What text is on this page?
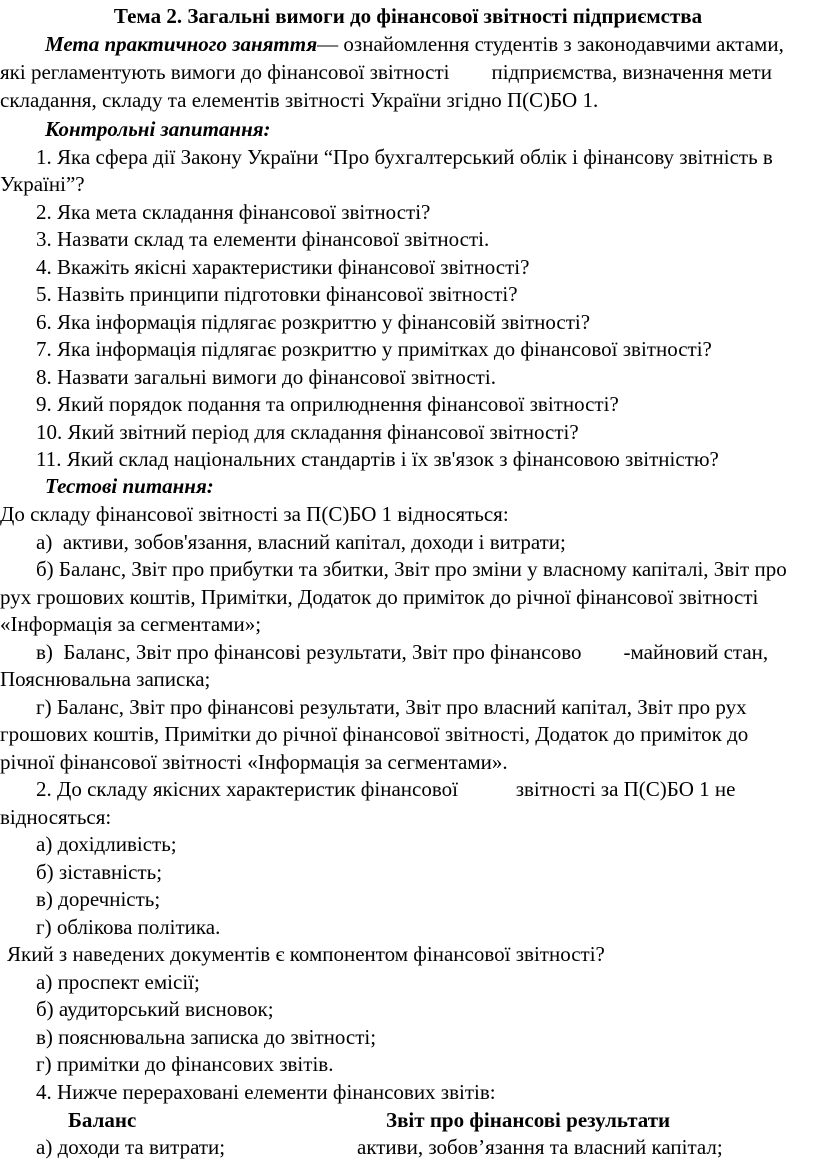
Тема 2. Загальні вимоги до фінансової звітності підприємства
Мета практичного заняття— ознайомлення студентів з законодавчими актами,
які регламентують вимоги до фінансової звітності        підприємства, визначення мети
складання, складу та елементів звітності України згідно П(С)БО 1.
Контрольні запитання:
1. Яка сфера дії Закону України “Про бухгалтерський облік і фінансову звітність в
Україні”?
2. Яка мета складання фінансової звітності?
3. Назвати склад та елементи фінансової звітності.
4. Вкажіть якісні характеристики фінансової звітності?
5. Назвіть принципи підготовки фінансової звітності?
6. Яка інформація підлягає розкриттю у фінансовій звітності?
7. Яка інформація підлягає розкриттю у примітках до фінансової звітності?
8. Назвати загальні вимоги до фінансової звітності.
9. Який порядок подання та оприлюднення фінансової звітності?
10. Який звітний період для складання фінансової звітності?
11. Який склад національних стандартів і їх зв'язок з фінансовою звітністю?
Тестові питання:
До складу фінансової звітності за П(С)БО 1 відносяться:
а)  активи, зобов'язання, власний капітал, доходи і витрати;
б) Баланс, Звіт про прибутки та збитки, Звіт про зміни у власному капіталі, Звіт про
рух грошових коштів, Примітки, Додаток до приміток до річної фінансової звітності
«Інформація за сегментами»;
в)  Баланс, Звіт про фінансові результати, Звіт про фінансово        -майновий стан,
Пояснювальна записка;
г) Баланс, Звіт про фінансові результати, Звіт про власний капітал, Звіт про рух
грошових коштів, Примітки до річної фінансової звітності, Додаток до приміток до
річної фінансової звітності «Інформація за сегментами».
2. До складу якісних характеристик фінансової           звітності за П(С)БО 1 не
відносяться:
а) дохідливість;
б) зіставність;
в) доречність;
г) облікова політика.
Який з наведених документів є компонентом фінансової звітності?
а) проспект емісії;
б) аудиторський висновок;
в) пояснювальна записка до звітності;
г) примітки до фінансових звітів.
4. Нижче перераховані елементи фінансових звітів:
Баланс	Звіт про фінансові результати
а) доходи та витрати;	активи, зобов’язання та власний капітал;
